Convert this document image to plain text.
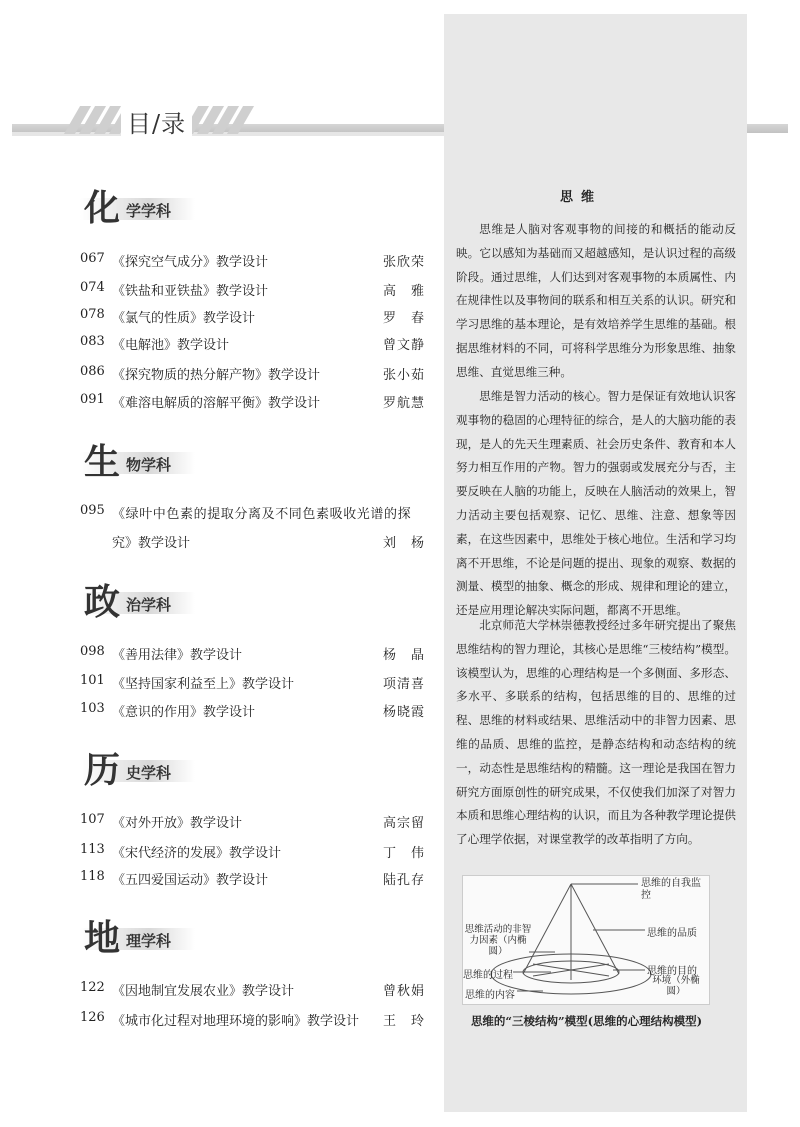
目/录
思维
思维是人脑对客观事物的间接的和概括的能动反映。它以感知为基础而又超越感知，是认识过程的高级阶段。通过思维，人们达到对客观事物的本质属性、内在规律性以及事物间的联系和相互关系的认识。研究和学习思维的基本理论，是有效培养学生思维的基础。根据思维材料的不同，可将科学思维分为形象思维、抽象思维、直觉思维三种。
思维是智力活动的核心。智力是保证有效地认识客观事物的稳固的心理特征的综合，是人的大脑功能的表现，是人的先天生理素质、社会历史条件、教育和本人努力相互作用的产物。智力的强弱或发展充分与否，主要反映在人脑的功能上，反映在人脑活动的效果上，智力活动主要包括观察、记忆、思维、注意、想象等因素，在这些因素中，思维处于核心地位。生活和学习均离不开思维，不论是问题的提出、现象的观察、数据的测量、模型的抽象、概念的形成、规律和理论的建立，还是应用理论解决实际问题，都离不开思维。
北京师范大学林崇德教授经过多年研究提出了聚焦思维结构的智力理论，其核心是思维“三棱结构”模型。该模型认为，思维的心理结构是一个多侧面、多形态、多水平、多联系的结构，包括思维的目的、思维的过程、思维的材料或结果、思维活动中的非智力因素、思维的品质、思维的监控，是静态结构和动态结构的统一，动态性是思维结构的精髓。这一理论是我国在智力研究方面原创性的研究成果，不仅使我们加深了对智力本质和思维心理结构的认识，而且为各种教学理论提供了心理学依据，对课堂教学的改革指明了方向。
思维的自我监控
思维的品质
思维活动的非智力因素（内椭圆）
思维的过程	思维的目的
环境（外椭圆）
思维的内容
思维的“三棱结构”模型(思维的心理结构模型)
化 学学科
067 《探究空气成分》教学设计	张欣荣
074 《铁盐和亚铁盐》教学设计	高　雅
078 《氯气的性质》教学设计	罗　春
083 《电解池》教学设计	曾文静
086 《探究物质的热分解产物》教学设计	张小茹
091 《难溶电解质的溶解平衡》教学设计	罗航慧
生 物学科
095 《绿叶中色素的提取分离及不同色素吸收光谱的探
究》教学设计	刘　杨
政 治学科
098 《善用法律》教学设计	杨　晶
101 《坚持国家利益至上》教学设计	项清喜
103 《意识的作用》教学设计	杨晓霞
历 史学科
107 《对外开放》教学设计	高宗留
113 《宋代经济的发展》教学设计	丁　伟
118 《五四爱国运动》教学设计	陆孔存
地 理学科
122 《因地制宜发展农业》教学设计	曾秋娟
126 《城市化过程对地理环境的影响》教学设计 王　玲
